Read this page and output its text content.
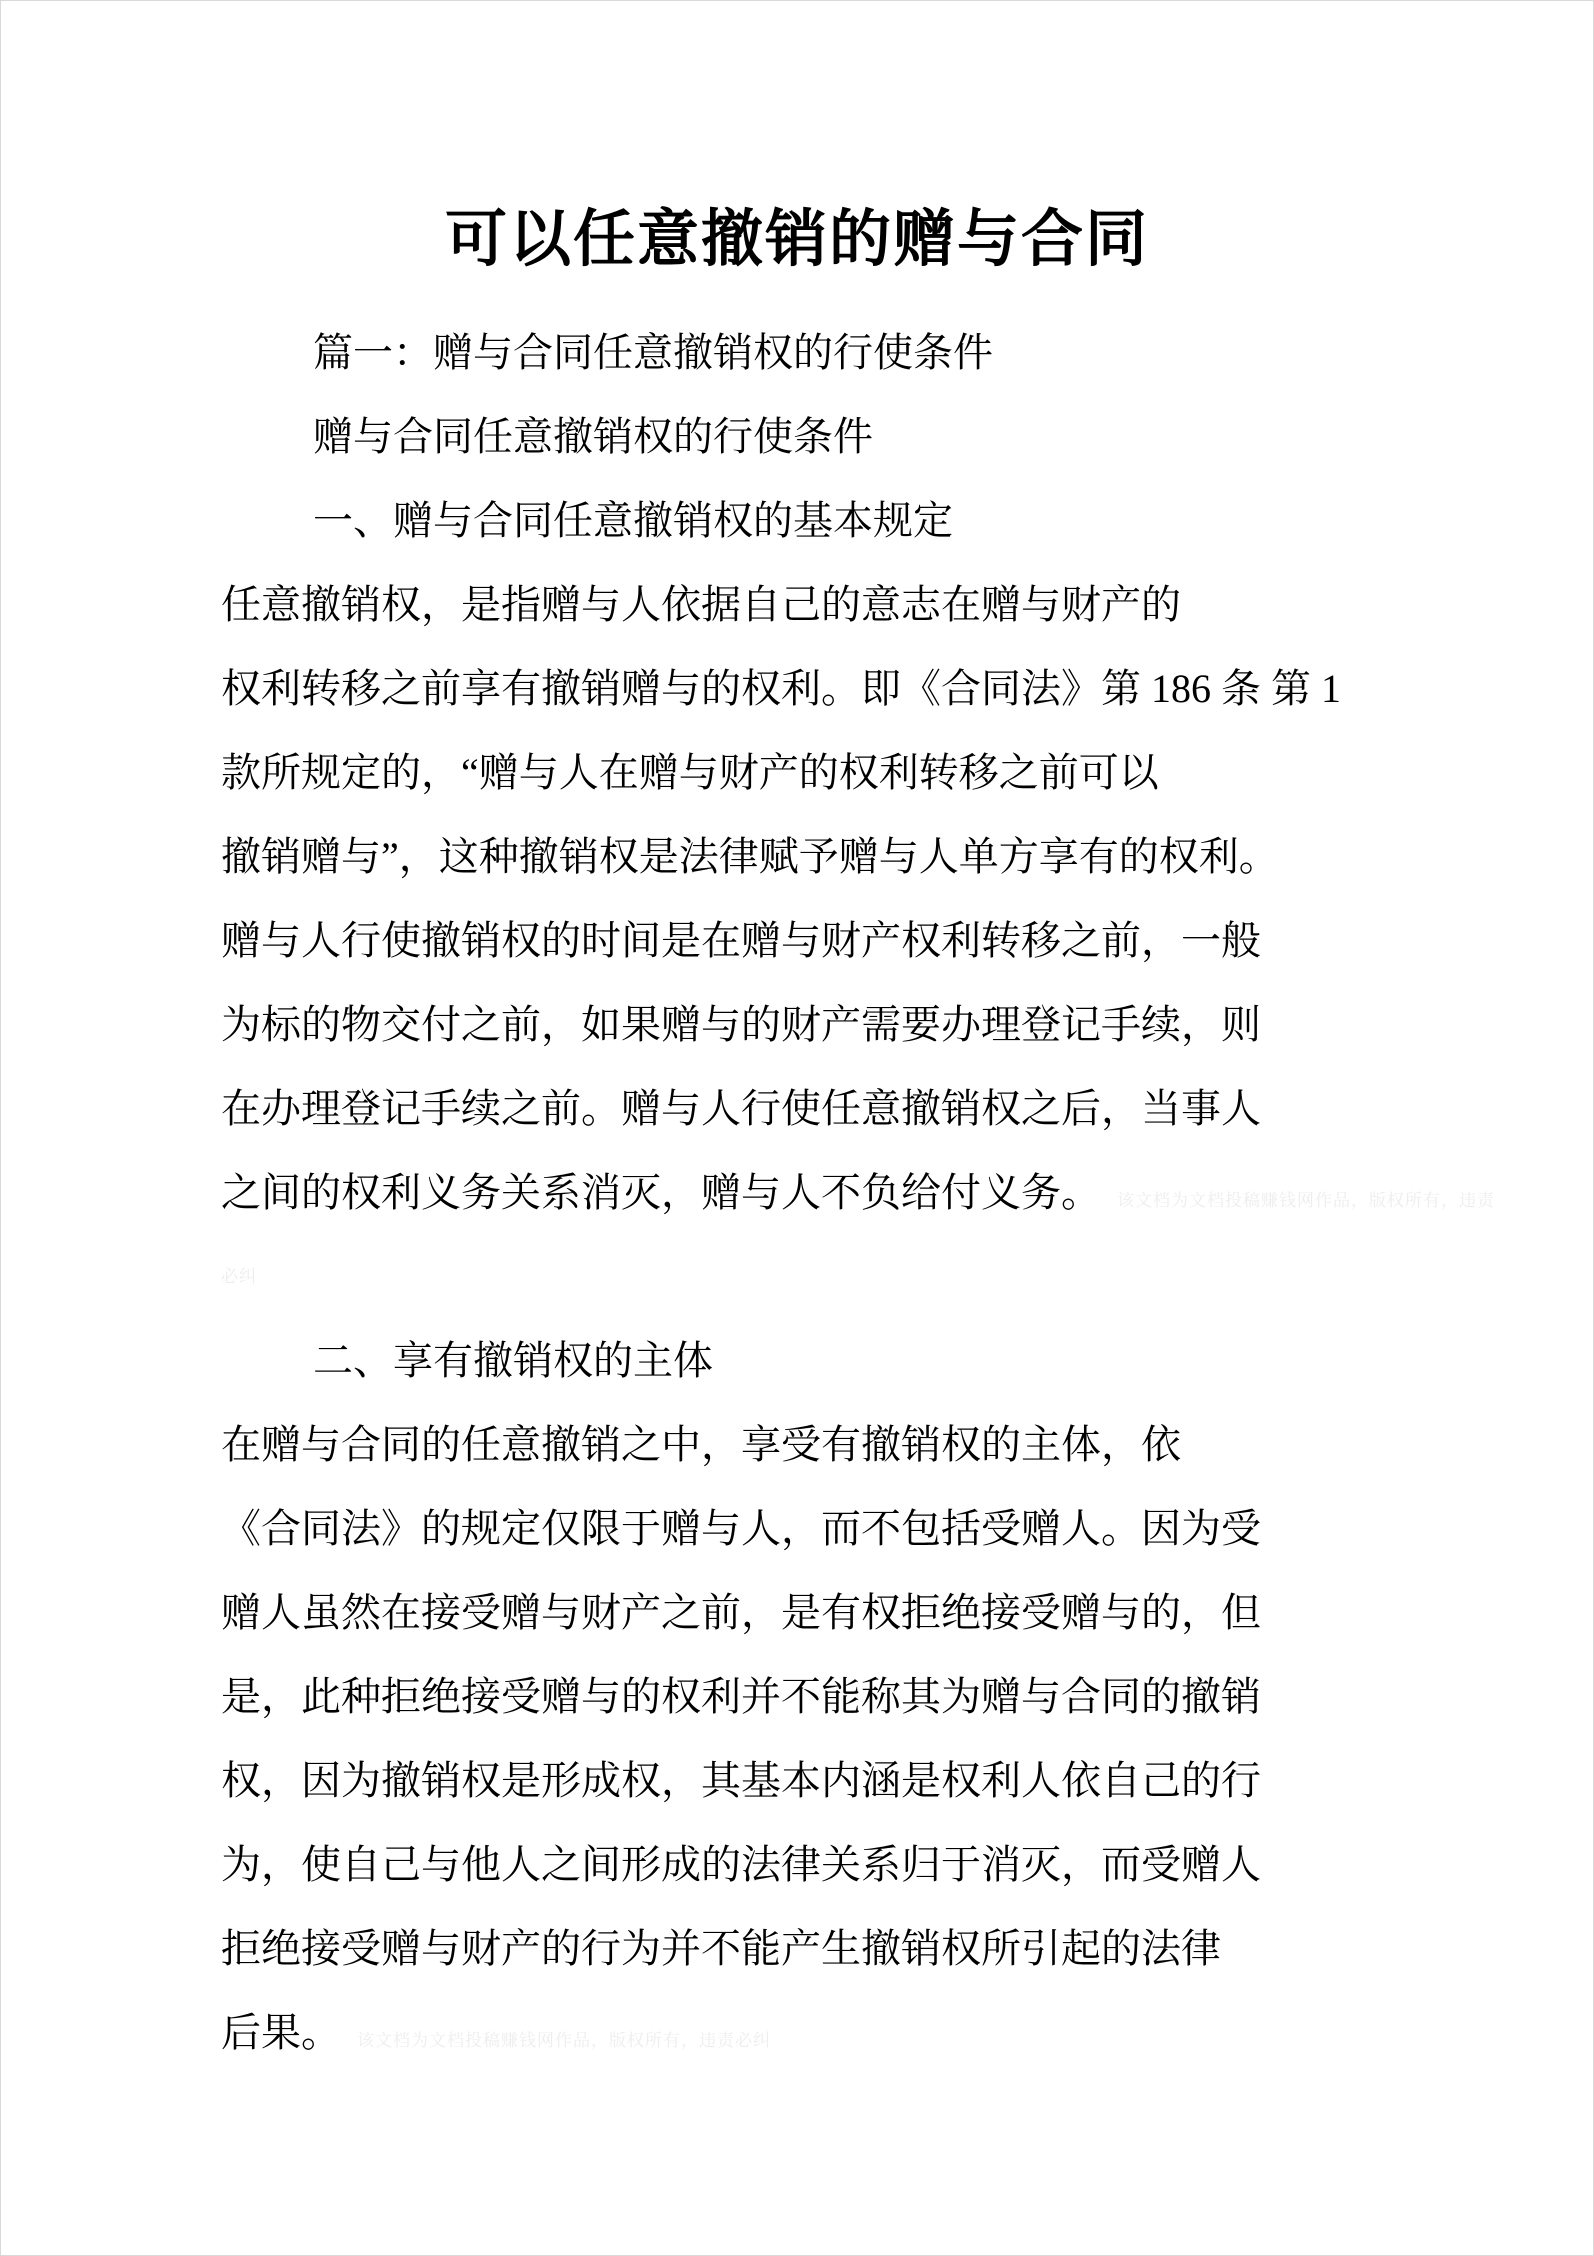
可以任意撤销的赠与合同
篇一：赠与合同任意撤销权的行使条件
赠与合同任意撤销权的行使条件
一、赠与合同任意撤销权的基本规定
任意撤销权，是指赠与人依据自己的意志在赠与财产的
权利转移之前享有撤销赠与的权利。即《合同法》第 186 条 第 1
款所规定的，“赠与人在赠与财产的权利转移之前可以
撤销赠与”，这种撤销权是法律赋予赠与人单方享有的权利。
赠与人行使撤销权的时间是在赠与财产权利转移之前，一般
为标的物交付之前，如果赠与的财产需要办理登记手续，则
在办理登记手续之前。赠与人行使任意撤销权之后，当事人
之间的权利义务关系消灭，赠与人不负给付义务。 该文档为文档投稿赚钱网作品，版权所有，违责
必纠
二、享有撤销权的主体
在赠与合同的任意撤销之中，享受有撤销权的主体，依
《合同法》的规定仅限于赠与人，而不包括受赠人。因为受
赠人虽然在接受赠与财产之前，是有权拒绝接受赠与的，但
是，此种拒绝接受赠与的权利并不能称其为赠与合同的撤销
权，因为撤销权是形成权，其基本内涵是权利人依自己的行
为，使自己与他人之间形成的法律关系归于消灭，而受赠人
拒绝接受赠与财产的行为并不能产生撤销权所引起的法律
后果。 该文档为文档投稿赚钱网作品，版权所有，违责必纠
